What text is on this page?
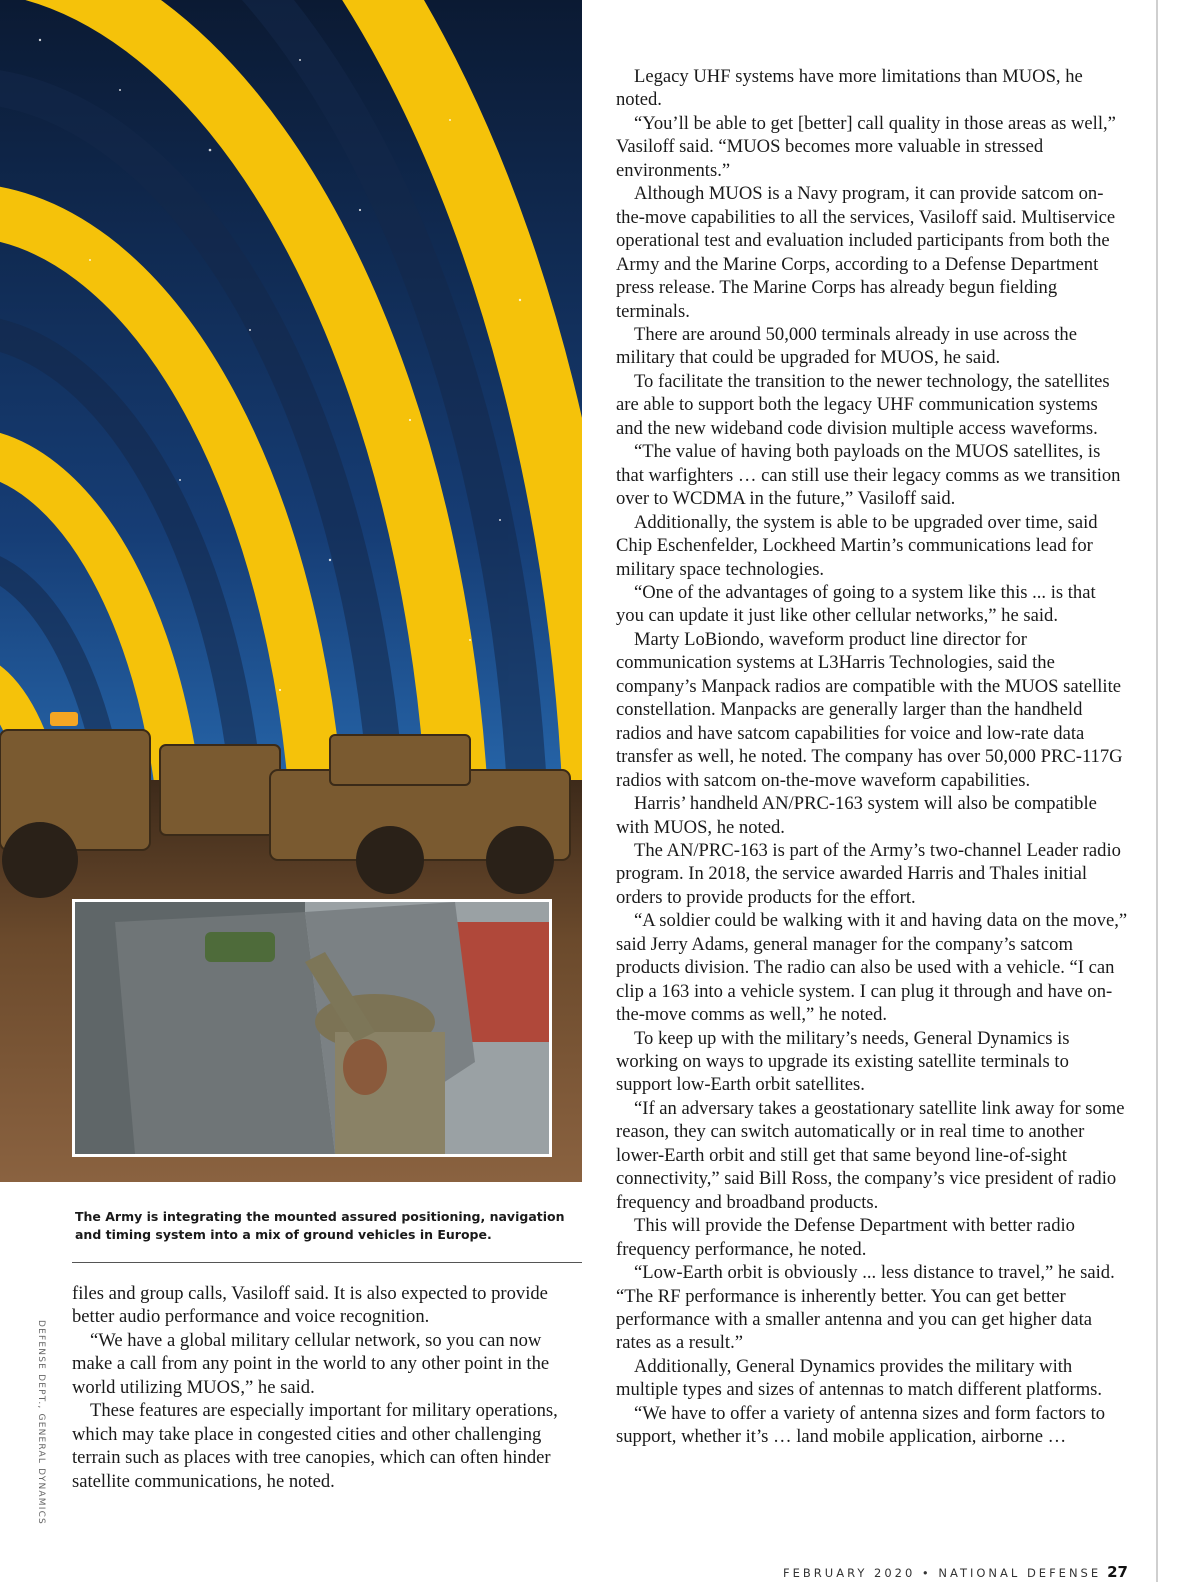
The Army is integrating the mounted assured positioning, navigation and timing system into a mix of ground vehicles in Europe.
DEFENSE DEPT., GENERAL DYNAMICS

files and group calls, Vasiloff said. It is also expected to provide better audio performance and voice recognition.

“We have a global military cellular network, so you can now make a call from any point in the world to any other point in the world utilizing MUOS,” he said.

These features are especially important for military operations, which may take place in congested cities and other challenging terrain such as places with tree canopies, which can often hinder satellite communications, he noted.

Legacy UHF systems have more limitations than MUOS, he noted.

“You’ll be able to get [better] call quality in those areas as well,” Vasiloff said. “MUOS becomes more valuable in stressed environments.”

Although MUOS is a Navy program, it can provide satcom on-the-move capabilities to all the services, Vasiloff said. Multiservice operational test and evaluation included participants from both the Army and the Marine Corps, according to a Defense Department press release. The Marine Corps has already begun fielding terminals.

There are around 50,000 terminals already in use across the military that could be upgraded for MUOS, he said.

To facilitate the transition to the newer technology, the satellites are able to support both the legacy UHF communication systems and the new wideband code division multiple access waveforms.

“The value of having both payloads on the MUOS satellites, is that warfighters … can still use their legacy comms as we transition over to WCDMA in the future,” Vasiloff said.

Additionally, the system is able to be upgraded over time, said Chip Eschenfelder, Lockheed Martin’s communications lead for military space technologies.

“One of the advantages of going to a system like this ... is that you can update it just like other cellular networks,” he said.

Marty LoBiondo, waveform product line director for communication systems at L3Harris Technologies, said the company’s Manpack radios are compatible with the MUOS satellite constellation. Manpacks are generally larger than the handheld radios and have satcom capabilities for voice and low-rate data transfer as well, he noted. The company has over 50,000 PRC-117G radios with satcom on-the-move waveform capabilities.

Harris’ handheld AN/PRC-163 system will also be compatible with MUOS, he noted.

The AN/PRC-163 is part of the Army’s two-channel Leader radio program. In 2018, the service awarded Harris and Thales initial orders to provide products for the effort.

“A soldier could be walking with it and having data on the move,” said Jerry Adams, general manager for the company’s satcom products division. The radio can also be used with a vehicle. “I can clip a 163 into a vehicle system. I can plug it through and have on-the-move comms as well,” he noted.

To keep up with the military’s needs, General Dynamics is working on ways to upgrade its existing satellite terminals to support low-Earth orbit satellites.

“If an adversary takes a geostationary satellite link away for some reason, they can switch automatically or in real time to another lower-Earth orbit and still get that same beyond line-of-sight connectivity,” said Bill Ross, the company’s vice president of radio frequency and broadband products.

This will provide the Defense Department with better radio frequency performance, he noted.

“Low-Earth orbit is obviously ... less distance to travel,” he said. “The RF performance is inherently better. You can get better performance with a smaller antenna and you can get higher data rates as a result.”

Additionally, General Dynamics provides the military with multiple types and sizes of antennas to match different platforms.

“We have to offer a variety of antenna sizes and form factors to support, whether it’s … land mobile application, airborne …

FEBRUARY 2020 • NATIONAL DEFENSE 27
